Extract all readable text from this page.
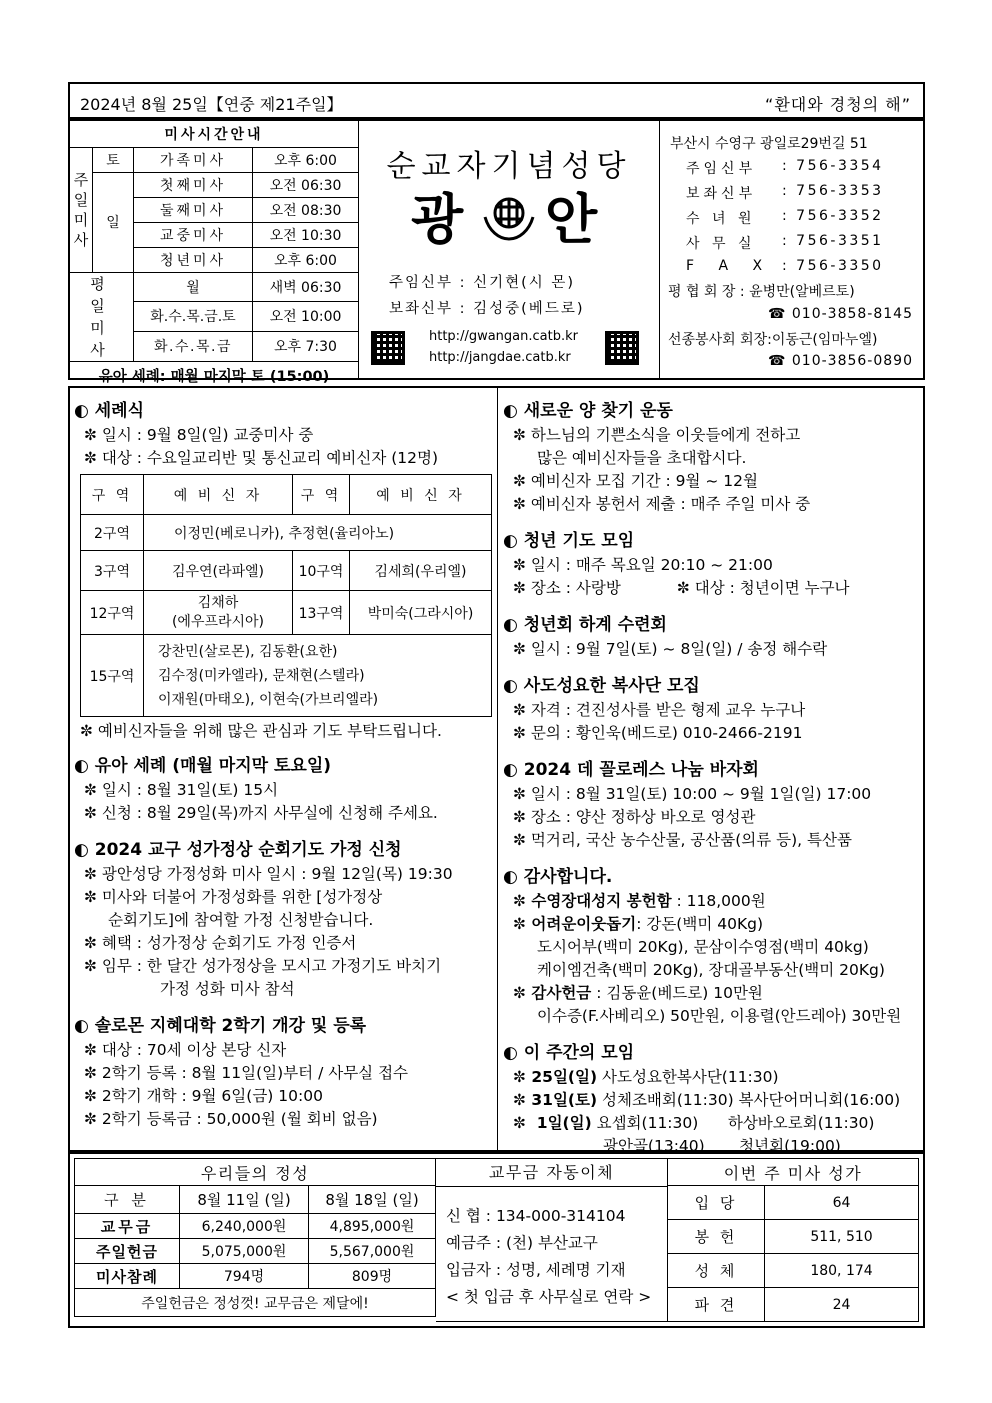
2024년 8월 25일【연중 제21주일】	“환대와 경청의 해”
미사시간안내			

주일미사	토	가족미사	오후 6:00
	일	첫째미사	오전 06:30
		둘째미사	오전 08:30
		교중미사	오전 10:30
		청년미사	오후 6:00

평일미사		월	새벽 06:30
		화.수.목.금.토	오전 10:00
		화.수.목.금	오후 7:30
유아 세례: 매월 마지막 토 (15:00)			
순교자기념성당
광 안
주임신부 : 신기현(시 몬)
보좌신부 : 김성중(베드로)
http://gwangan.catb.kr
http://jangdae.catb.kr
부산시 수영구 광일로29번길 51
주임신부	: 756-3354
보좌신부	: 756-3353
수 녀 원	: 756-3352
사 무 실	: 756-3351
F A X : 756-3350
평 협 회 장 : 윤병만(알베르토)
☎ 010-3858-8145
선종봉사회 회장:이동근(임마누엘)
☎ 010-3856-0890
◐ 세례식
✼ 일시 : 9월 8일(일) 교중미사 중
✼ 대상 : 수요일교리반 및 통신교리 예비신자 (12명)
구 역	예 비 신 자	구 역	예 비 신 자
2구역	이정민(베로니카), 추정현(율리아노)		
3구역	김우연(라파엘)	10구역	김세희(우리엘)
12구역	김채하
(에우프라시아)	13구역	박미숙(그라시아)
15구역	강찬민(살로몬), 김동환(요한)
김수정(미카엘라), 문채현(스텔라)
이재원(마태오), 이현숙(가브리엘라)		
✼ 예비신자들을 위해 많은 관심과 기도 부탁드립니다.
◐ 유아 세례 (매월 마지막 토요일)
✼ 일시 : 8월 31일(토) 15시
✼ 신청 : 8월 29일(목)까지 사무실에 신청해 주세요.
◐ 2024 교구 성가정상 순회기도 가정 신청
✼ 광안성당 가정성화 미사 일시 : 9월 12일(목) 19:30
✼ 미사와 더불어 가정성화를 위한 [성가정상
순회기도]에 참여할 가정 신청받습니다.
✼ 혜택 : 성가정상 순회기도 가정 인증서
✼ 임무 : 한 달간 성가정상을 모시고 가정기도 바치기
가정 성화 미사 참석
◐ 솔로몬 지혜대학 2학기 개강 및 등록
✼ 대상 : 70세 이상 본당 신자
✼ 2학기 등록 : 8월 11일(일)부터 / 사무실 접수
✼ 2학기 개학 : 9월 6일(금) 10:00
✼ 2학기 등록금 : 50,000원 (월 회비 없음)
◐ 새로운 양 찾기 운동
✼ 하느님의 기쁜소식을 이웃들에게 전하고
많은 예비신자들을 초대합시다.
✼ 예비신자 모집 기간 : 9월 ~ 12월
✼ 예비신자 봉헌서 제출 : 매주 주일 미사 중
◐ 청년 기도 모임
✼ 일시 : 매주 목요일 20:10 ~ 21:00
✼ 장소 : 사랑방	✼ 대상 : 청년이면 누구나
◐ 청년회 하계 수련회
✼ 일시 : 9월 7일(토) ~ 8일(일) / 송정 해수락
◐ 사도성요한 복사단 모집
✼ 자격 : 견진성사를 받은 형제 교우 누구나
✼ 문의 : 황인욱(베드로) 010-2466-2191
◐ 2024 데 꼴로레스 나눔 바자회
✼ 일시 : 8월 31일(토) 10:00 ~ 9월 1일(일) 17:00
✼ 장소 : 양산 정하상 바오로 영성관
✼ 먹거리, 국산 농수산물, 공산품(의류 등), 특산품
◐ 감사합니다.
✼ 수영장대성지 봉헌함 : 118,000원
✼ 어려운이웃돕기: 강돈(백미 40Kg)
도시어부(백미 20Kg), 문삼이수영점(백미 40kg)
케이엠건축(백미 20Kg), 장대골부동산(백미 20Kg)
✼ 감사헌금 : 김동윤(베드로) 10만원
이수증(F.사베리오) 50만원, 이용렬(안드레아) 30만원
◐ 이 주간의 모임
✼ 25일(일) 사도성요한복사단(11:30)
✼ 31일(토) 성체조배회(11:30) 복사단어머니회(16:00)
✼  1일(일) 요셉회(11:30)      하상바오로회(11:30)
광안골(13:40)       청년회(19:00)
우리들의 정성		
구 분	8월 11일 (일)	8월 18일 (일)
교무금	6,240,000원	4,895,000원
주일헌금	5,075,000원	5,567,000원
미사참례	794명	809명
주일헌금은 정성껏! 교무금은 제달에!		
교무금 자동이체
신 협 : 134-000-314104
예금주 : (천) 부산교구
입금자 : 성명, 세례명 기재
< 첫 입금 후 사무실로 연락 >
이번 주 미사 성가	
입 당	64
봉 헌	511, 510
성 체	180, 174
파 견	24
